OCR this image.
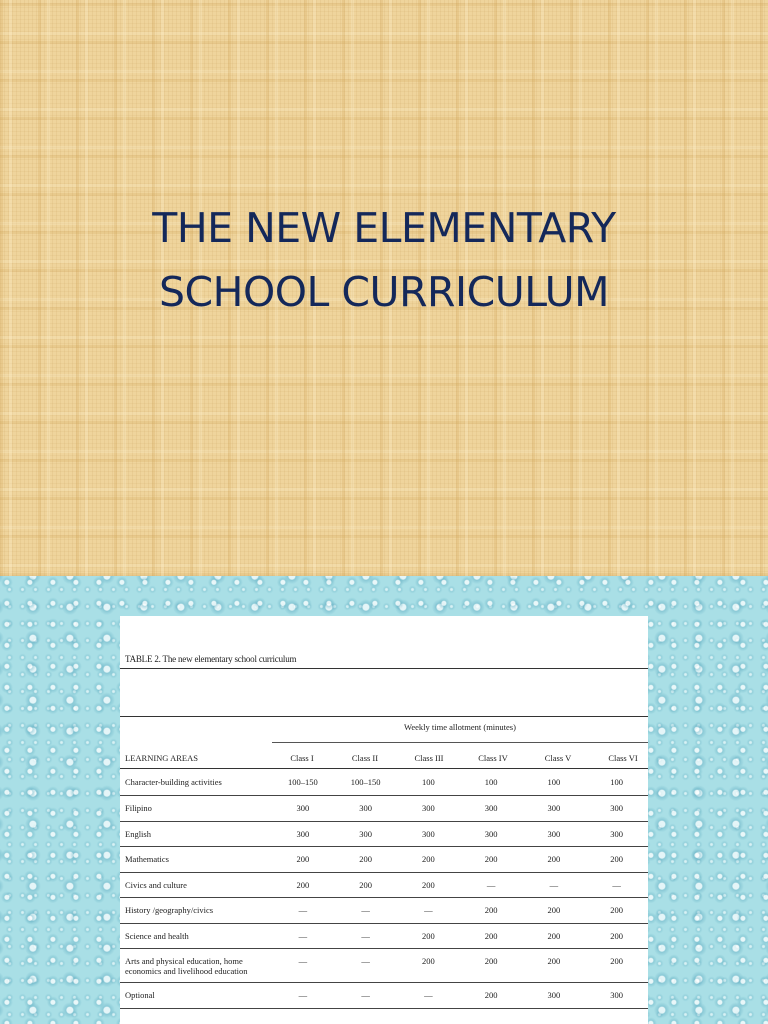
THE NEW ELEMENTARY
SCHOOL CURRICULUM
TABLE 2. The new elementary school curriculum
Weekly time allotment (minutes)
LEARNING AREAS	Class I	Class II	Class III	Class IV	Class V	Class VI
Character-building activities	100–150	100–150	100	100	100	100
Filipino	300	300	300	300	300	300
English	300	300	300	300	300	300
Mathematics	200	200	200	200	200	200
Civics and culture	200	200	200	—	—	—
History /geography/civics	—	—	—	200	200	200
Science and health	—	—	200	200	200	200
Arts and physical education, home economics and livelihood education	—	—	200	200	200	200
Optional	—	—	—	200	300	300
